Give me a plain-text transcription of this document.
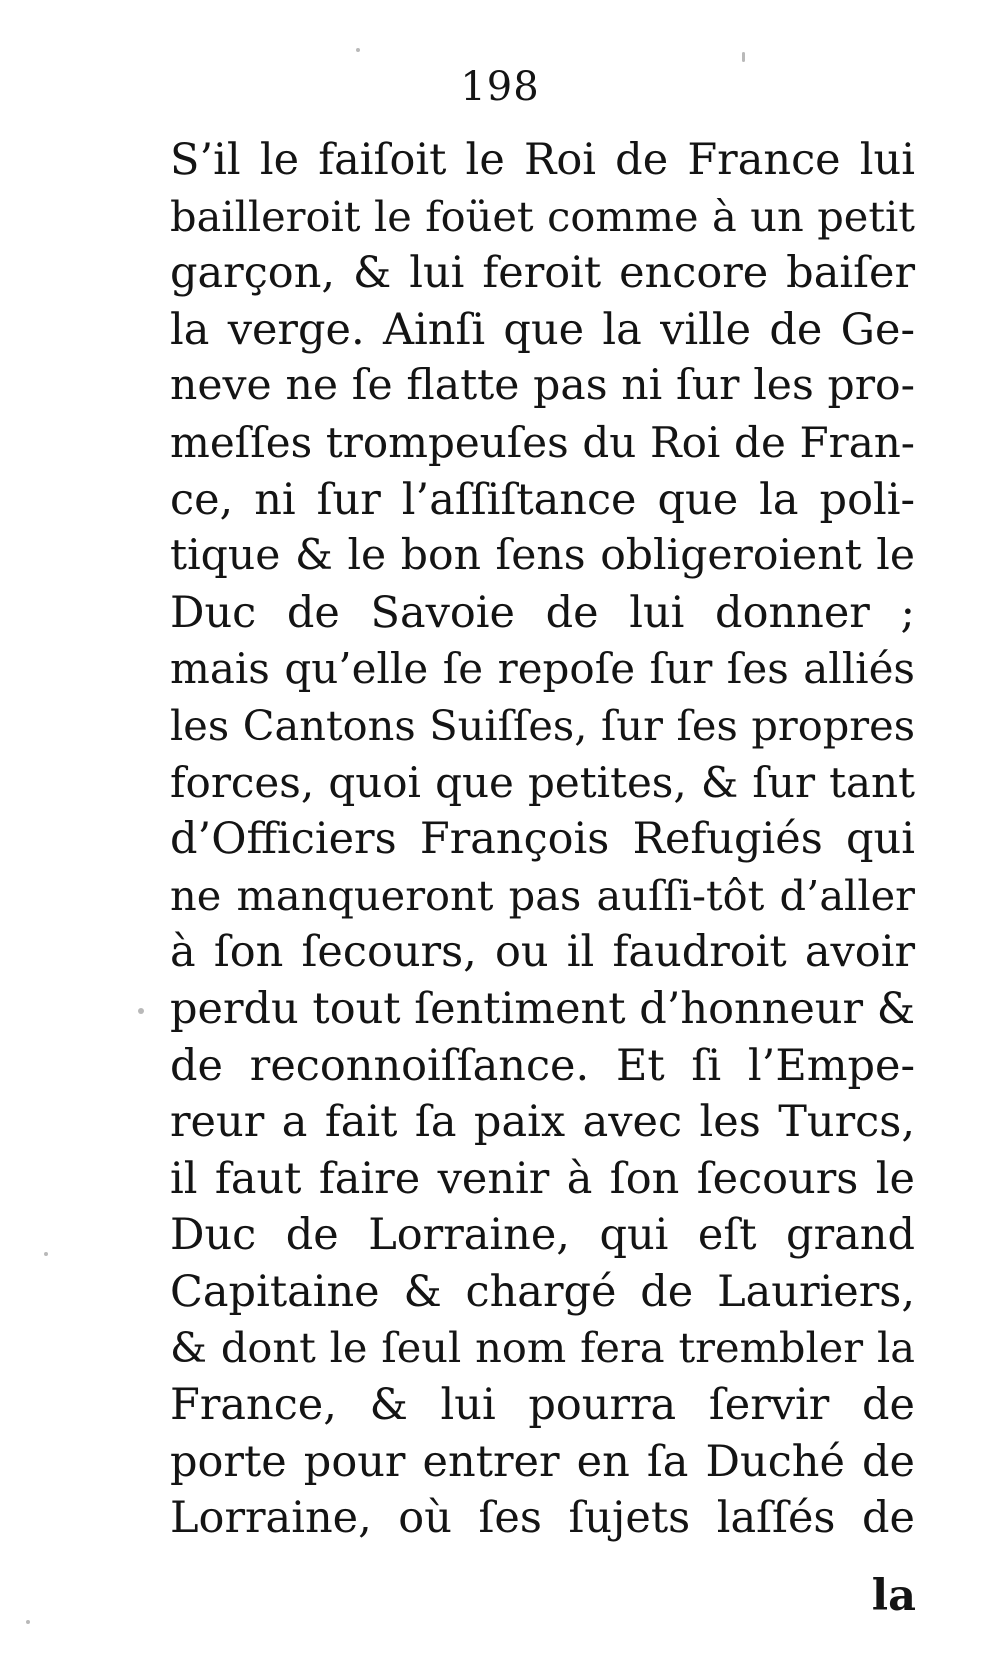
198
S’il le faiſoit le Roi de France lui
bailleroit le foüet comme à un petit
garçon, & lui feroit encore baiſer
la verge. Ainſi que la ville de Ge-
neve ne ſe flatte pas ni ſur les pro-
meſſes trompeuſes du Roi de Fran-
ce, ni ſur l’aſſiſtance que la poli-
tique & le bon ſens obligeroient le
Duc de Savoie de lui donner ;
mais qu’elle ſe repoſe ſur ſes alliés
les Cantons Suiſſes, ſur ſes propres
forces, quoi que petites, & ſur tant
d’Officiers François Refugiés qui
ne manqueront pas auſſi-tôt d’aller
à ſon ſecours, ou il faudroit avoir
perdu tout ſentiment d’honneur &
de reconnoiſſance. Et ſi l’Empe-
reur a fait ſa paix avec les Turcs,
il faut faire venir à ſon ſecours le
Duc de Lorraine, qui eſt grand
Capitaine & chargé de Lauriers,
& dont le ſeul nom fera trembler la
France, & lui pourra ſervir de
porte pour entrer en ſa Duché de
Lorraine, où ſes ſujets laſſés de
la
